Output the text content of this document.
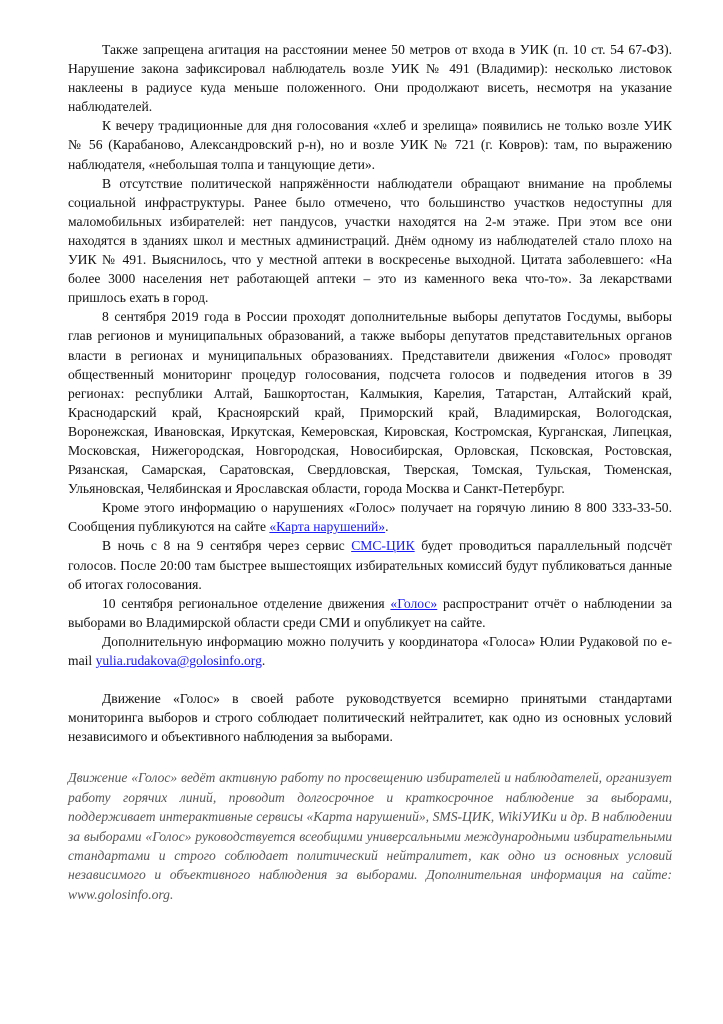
Также запрещена агитация на расстоянии менее 50 метров от входа в УИК (п. 10 ст. 54 67-ФЗ). Нарушение закона зафиксировал наблюдатель возле УИК № 491 (Владимир): несколько листовок наклеены в радиусе куда меньше положенного. Они продолжают висеть, несмотря на указание наблюдателей.

К вечеру традиционные для дня голосования «хлеб и зрелища» появились не только возле УИК № 56 (Карабаново, Александровский р-н), но и возле УИК № 721 (г. Ковров): там, по выражению наблюдателя, «небольшая толпа и танцующие дети».

В отсутствие политической напряжённости наблюдатели обращают внимание на проблемы социальной инфраструктуры. Ранее было отмечено, что большинство участков недоступны для маломобильных избирателей: нет пандусов, участки находятся на 2-м этаже. При этом все они находятся в зданиях школ и местных администраций. Днём одному из наблюдателей стало плохо на УИК № 491. Выяснилось, что у местной аптеки в воскресенье выходной. Цитата заболевшего: «На более 3000 населения нет работающей аптеки – это из каменного века что-то». За лекарствами пришлось ехать в город.

8 сентября 2019 года в России проходят дополнительные выборы депутатов Госдумы, выборы глав регионов и муниципальных образований, а также выборы депутатов представительных органов власти в регионах и муниципальных образованиях. Представители движения «Голос» проводят общественный мониторинг процедур голосования, подсчета голосов и подведения итогов в 39 регионах: республики Алтай, Башкортостан, Калмыкия, Карелия, Татарстан, Алтайский край, Краснодарский край, Красноярский край, Приморский край, Владимирская, Вологодская, Воронежская, Ивановская, Иркутская, Кемеровская, Кировская, Костромская, Курганская, Липецкая, Московская, Нижегородская, Новгородская, Новосибирская, Орловская, Псковская, Ростовская, Рязанская, Самарская, Саратовская, Свердловская, Тверская, Томская, Тульская, Тюменская, Ульяновская, Челябинская и Ярославская области, города Москва и Санкт-Петербург.

Кроме этого информацию о нарушениях «Голос» получает на горячую линию 8 800 333-33-50. Сообщения публикуются на сайте «Карта нарушений».

В ночь с 8 на 9 сентября через сервис СМС-ЦИК будет проводиться параллельный подсчёт голосов. После 20:00 там быстрее вышестоящих избирательных комиссий будут публиковаться данные об итогах голосования.

10 сентября региональное отделение движения «Голос» распространит отчёт о наблюдении за выборами во Владимирской области среди СМИ и опубликует на сайте.

Дополнительную информацию можно получить у координатора «Голоса» Юлии Рудаковой по e-mail yulia.rudakova@golosinfo.org.

Движение «Голос» в своей работе руководствуется всемирно принятыми стандартами мониторинга выборов и строго соблюдает политический нейтралитет, как одно из основных условий независимого и объективного наблюдения за выборами.

Движение «Голос» ведёт активную работу по просвещению избирателей и наблюдателей, организует работу горячих линий, проводит долгосрочное и краткосрочное наблюдение за выборами, поддерживает интерактивные сервисы «Карта нарушений», SMS-ЦИК, WikiУИКи и др. В наблюдении за выборами «Голос» руководствуется всеобщими универсальными международными избирательными стандартами и строго соблюдает политический нейтралитет, как одно из основных условий независимого и объективного наблюдения за выборами. Дополнительная информация на сайте: www.golosinfo.org.
